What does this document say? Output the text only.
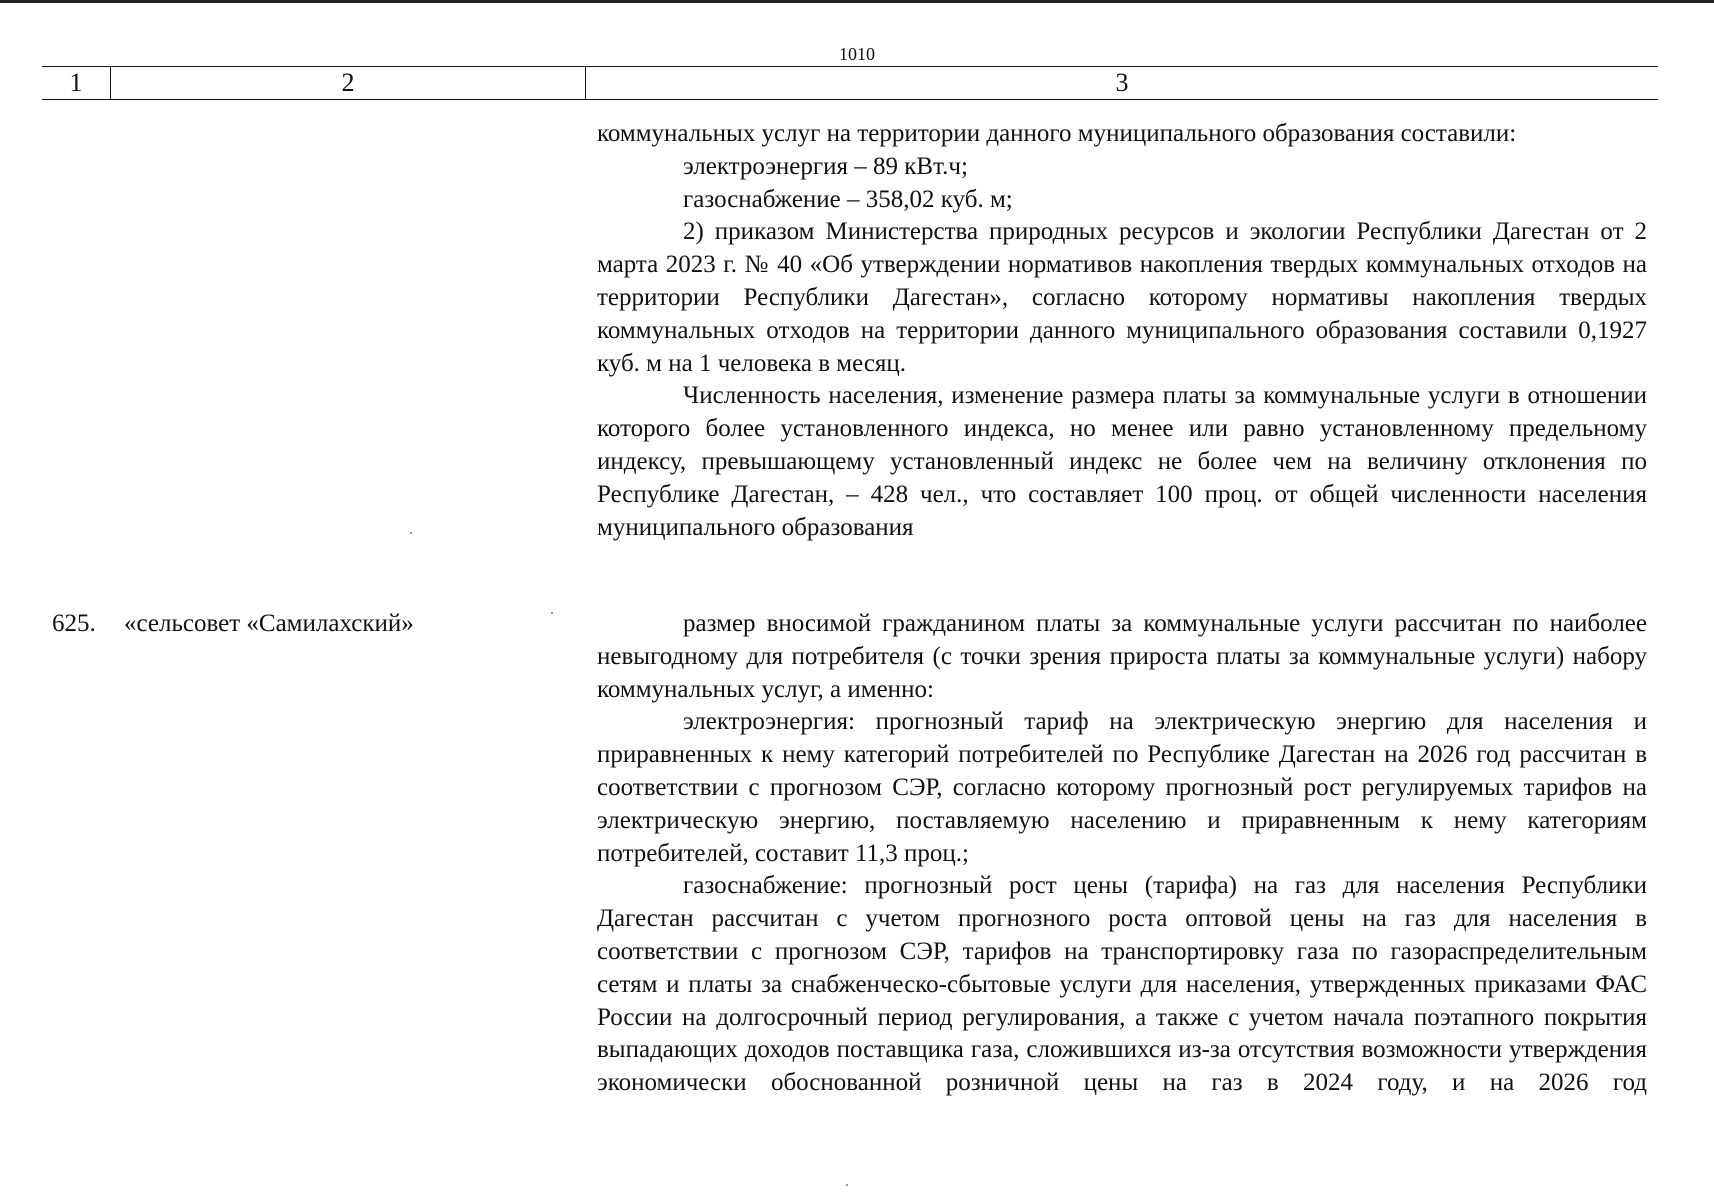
1010
1	2	3

коммунальных услуг на территории данного муниципального образования составили:

электроэнергия – 89 кВт.ч;

газоснабжение – 358,02 куб. м;

2) приказом Министерства природных ресурсов и экологии Республики Дагестан от 2 марта 2023 г. № 40 «Об утверждении нормативов накопления твердых коммунальных отходов на территории Республики Дагестан», согласно которому нормативы накопления твердых коммунальных отходов на территории данного муниципального образования составили 0,1927 куб. м на 1 человека в месяц.

Численность населения, изменение размера платы за коммунальные услуги в отношении которого более установленного индекса, но менее или равно установленному предельному индексу, превышающему установленный индекс не более чем на величину отклонения по Республике Дагестан, – 428 чел., что составляет 100 проц. от общей численности населения муниципального образования

625. «сельсовет «Самилахский»	размер вносимой гражданином платы за коммунальные услуги рассчитан по наиболее невыгодному для потребителя (с точки зрения прироста платы за коммунальные услуги) набору коммунальных услуг, а именно:

электроэнергия: прогнозный тариф на электрическую энергию для населения и приравненных к нему категорий потребителей по Республике Дагестан на 2026 год рассчитан в соответствии с прогнозом СЭР, согласно которому прогнозный рост регулируемых тарифов на электрическую энергию, поставляемую населению и приравненным к нему категориям потребителей, составит 11,3 проц.;

газоснабжение: прогнозный рост цены (тарифа) на газ для населения Республики Дагестан рассчитан с учетом прогнозного роста оптовой цены на газ для населения в соответствии с прогнозом СЭР, тарифов на транспортировку газа по газораспределительным сетям и платы за снабженческо-сбытовые услуги для населения, утвержденных приказами ФАС России на долгосрочный период регулирования, а также с учетом начала поэтапного покрытия выпадающих доходов поставщика газа, сложившихся из-за отсутствия возможности утверждения экономически обоснованной розничной цены на газ в 2024 году, и на 2026 год
